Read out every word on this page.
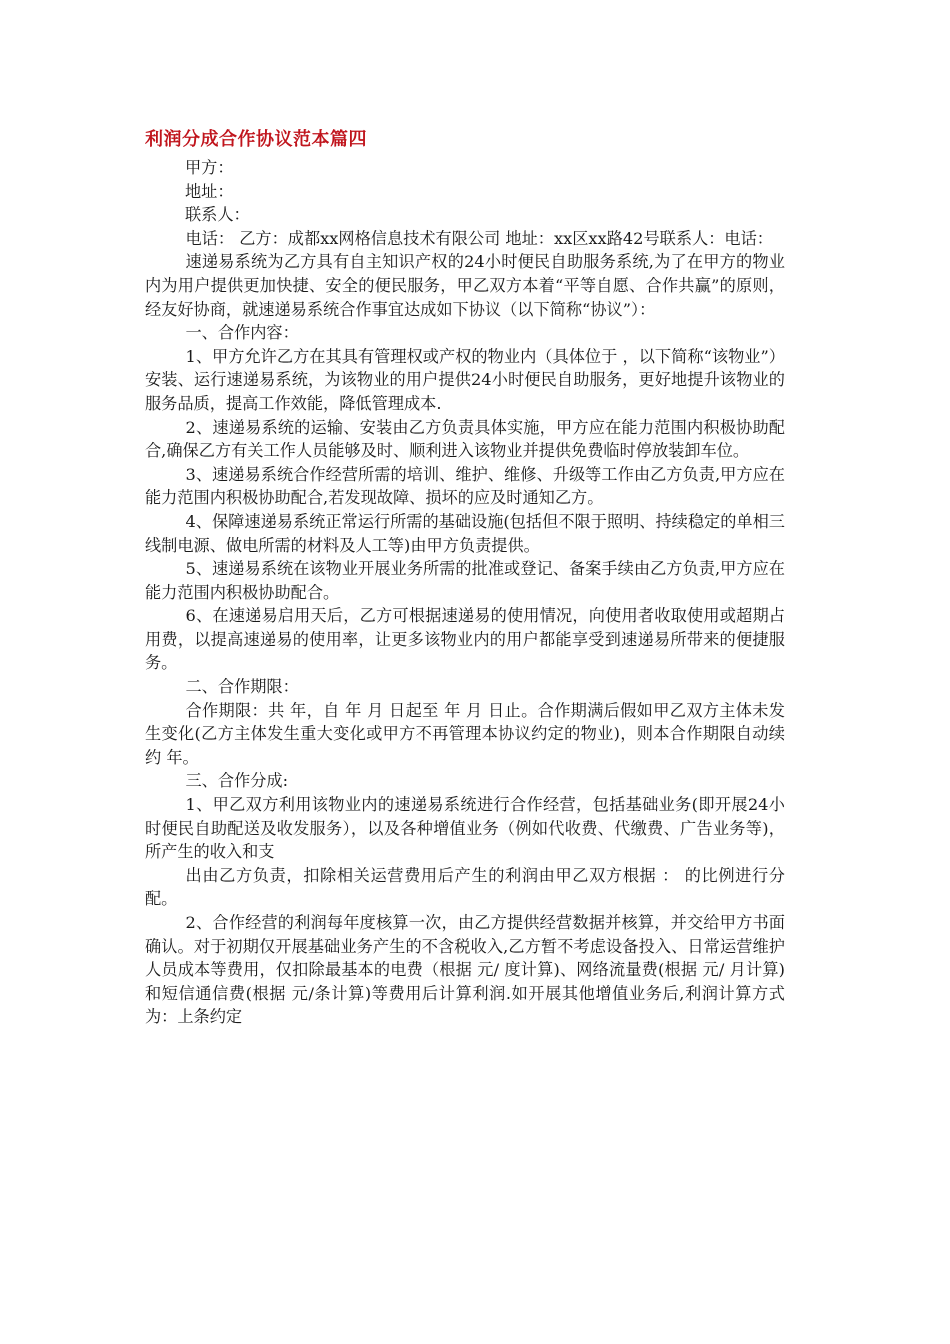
利润分成合作协议范本篇四
甲方：
地址：
联系人：

电话： 乙方：成都xx网格信息技术有限公司 地址：xx区xx路42号联系人：电话：

速递易系统为乙方具有自主知识产权的24小时便民自助服务系统,为了在甲方的物业内为用户提供更加快捷、安全的便民服务，甲乙双方本着“平等自愿、合作共赢”的原则，经友好协商，就速递易系统合作事宜达成如下协议（以下简称“协议”）：

一、合作内容：

1、甲方允许乙方在其具有管理权或产权的物业内（具体位于 ，以下简称“该物业”）安装、运行速递易系统，为该物业的用户提供24小时便民自助服务，更好地提升该物业的服务品质，提高工作效能，降低管理成本.

2、速递易系统的运输、安装由乙方负责具体实施，甲方应在能力范围内积极协助配合,确保乙方有关工作人员能够及时、顺利进入该物业并提供免费临时停放装卸车位。

3、速递易系统合作经营所需的培训、维护、维修、升级等工作由乙方负责,甲方应在能力范围内积极协助配合,若发现故障、损坏的应及时通知乙方。

4、保障速递易系统正常运行所需的基础设施(包括但不限于照明、持续稳定的单相三线制电源、做电所需的材料及人工等)由甲方负责提供。

5、速递易系统在该物业开展业务所需的批准或登记、备案手续由乙方负责,甲方应在能力范围内积极协助配合。

6、在速递易启用天后，乙方可根据速递易的使用情况，向使用者收取使用或超期占用费，以提高速递易的使用率，让更多该物业内的用户都能享受到速递易所带来的便捷服务。

二、合作期限：

合作期限：共 年，自 年 月 日起至 年 月 日止。合作期满后假如甲乙双方主体未发生变化(乙方主体发生重大变化或甲方不再管理本协议约定的物业)，则本合作期限自动续约 年。

三、合作分成:

1、甲乙双方利用该物业内的速递易系统进行合作经营，包括基础业务(即开展24小时便民自助配送及收发服务），以及各种增值业务（例如代收费、代缴费、广告业务等)，所产生的收入和支

出由乙方负责，扣除相关运营费用后产生的利润由甲乙双方根据 ： 的比例进行分配。

2、合作经营的利润每年度核算一次，由乙方提供经营数据并核算，并交给甲方书面确认。对于初期仅开展基础业务产生的不含税收入,乙方暂不考虑设备投入、日常运营维护人员成本等费用，仅扣除最基本的电费（根据 元/ 度计算)、网络流量费(根据 元/ 月计算)和短信通信费(根据 元/条计算)等费用后计算利润.如开展其他增值业务后,利润计算方式为：上条约定
